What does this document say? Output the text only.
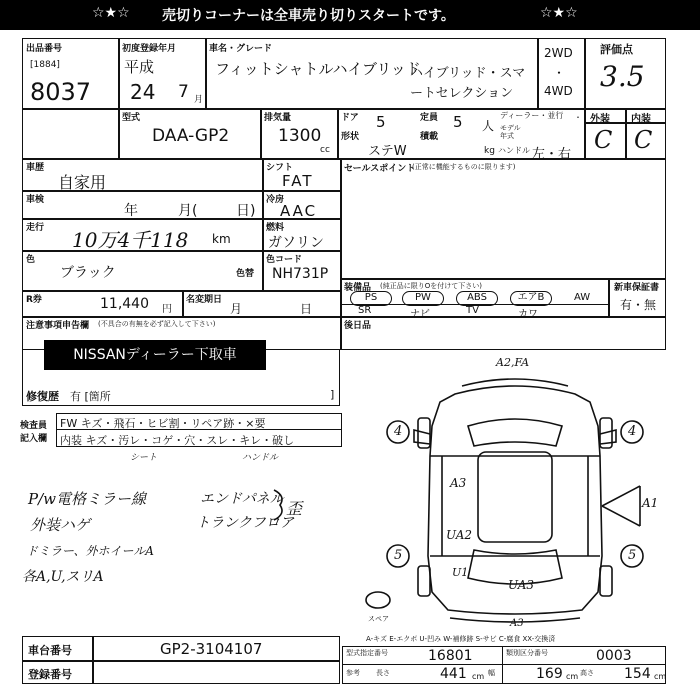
☆★☆ 売切りコーナーは全車売り切りスタートです。	☆★☆
出品番号
[1884]
8037
初度登録年月
平成
24 7 月
車名・グレード
フィットシャトルハイブリッド
ハイブリッド・スマ
ートセレクション
2WD
・
4WD
評価点
3.5
型式
DAA-GP2
排気量
1300
cc
ドア 5	定員 5 人
ディーラー・並行
モデル
年式
・
形状
ステW
積載
kg ハンドル 左・右
外装 内装
C C
車歴
自家用
車検
年	月(	日)
走行 10万4千118 km
色
ブラック	色替
シフト
FAT
冷房
AAC
燃料
ガソリン
色コード
NH731P
R券	11,440 円
名変期日
月	日
注意事項申告欄 (不具合の有無を必ず記入して下さい)
NISSANディーラー下取車
修復歴 有 [箇所	]
セールスポイント
(正常に機能するものに限ります)
装備品 (純正品に限りOを付けて下さい)
PS	PW	ABS	エアB	AW
SR	ナビ	TV	カワ
新車保証書
有・無
後日品
検査員
記入欄
FW キズ・飛石・ヒビ割・リペア跡・×要
内装 キズ・汚レ・コゲ・穴・スレ・キレ・破し
シート	ハンドル
P/w電格ミラー線
外装ハゲ
ドミラー、外ホイールA
各A,U,スリA
エンドパネル
トランクフロア
歪
A2,FA
A3
A1
UA2
U1
UA3
A3
4	4
5	5
スペア
A-キズ E-エクボ U-凹み W-補修跡 S-サビ C-腐食 XX-交換済
車台番号	GP2-3104107
登録番号
型式指定番号	16801	類別区分番号	0003
参考 長さ	441 cm 幅	169 cm 高さ 154 cm
